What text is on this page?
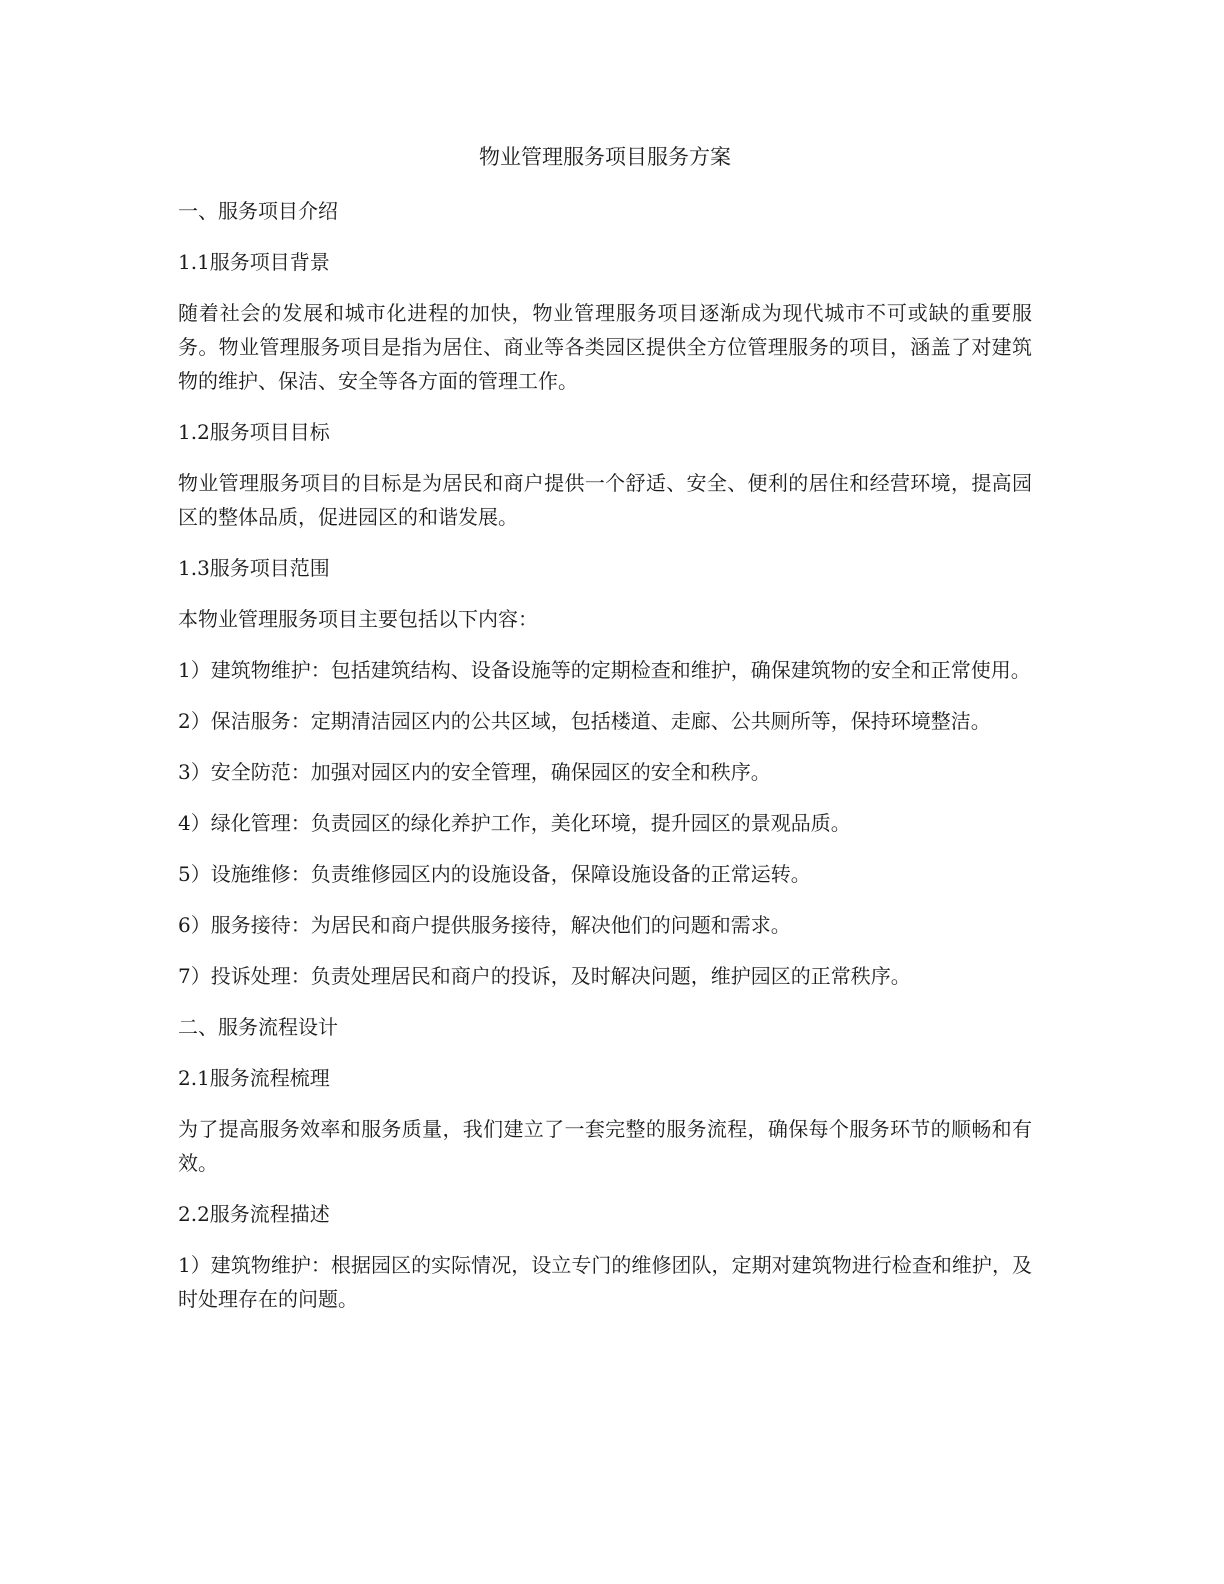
物业管理服务项目服务方案
一、服务项目介绍
1.1服务项目背景
随着社会的发展和城市化进程的加快，物业管理服务项目逐渐成为现代城市不可或缺的重要服务。物业管理服务项目是指为居住、商业等各类园区提供全方位管理服务的项目，涵盖了对建筑物的维护、保洁、安全等各方面的管理工作。
1.2服务项目目标
物业管理服务项目的目标是为居民和商户提供一个舒适、安全、便利的居住和经营环境，提高园区的整体品质，促进园区的和谐发展。
1.3服务项目范围
本物业管理服务项目主要包括以下内容：
1）建筑物维护：包括建筑结构、设备设施等的定期检查和维护，确保建筑物的安全和正常使用。
2）保洁服务：定期清洁园区内的公共区域，包括楼道、走廊、公共厕所等，保持环境整洁。
3）安全防范：加强对园区内的安全管理，确保园区的安全和秩序。
4）绿化管理：负责园区的绿化养护工作，美化环境，提升园区的景观品质。
5）设施维修：负责维修园区内的设施设备，保障设施设备的正常运转。
6）服务接待：为居民和商户提供服务接待，解决他们的问题和需求。
7）投诉处理：负责处理居民和商户的投诉，及时解决问题，维护园区的正常秩序。
二、服务流程设计
2.1服务流程梳理
为了提高服务效率和服务质量，我们建立了一套完整的服务流程，确保每个服务环节的顺畅和有效。
2.2服务流程描述
1）建筑物维护：根据园区的实际情况，设立专门的维修团队，定期对建筑物进行检查和维护，及时处理存在的问题。
